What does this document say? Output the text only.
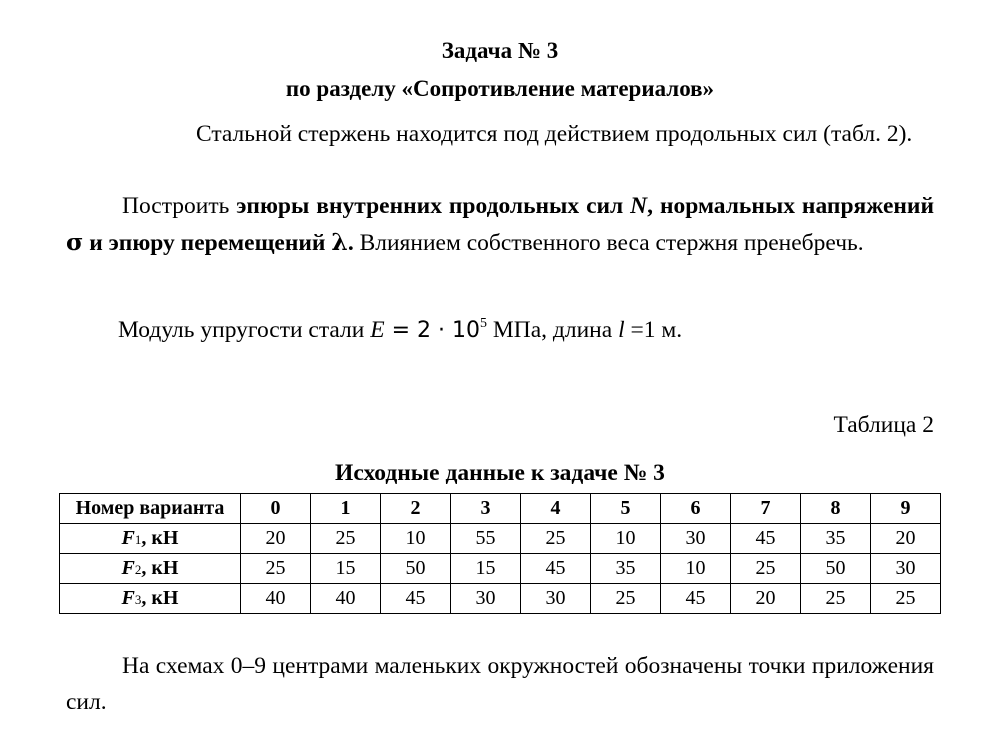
Задача № 3
по разделу «Сопротивление материалов»

Стальной стержень находится под действием продольных сил (табл. 2).

Построить эпюры внутренних продольных сил N, нормальных напряжений σ и эпюру перемещений λ. Влиянием собственного веса стержня пренебречь.

Модуль упругости стали $E = 2 \cdot 10^5$ МПа, длина l =1 м.

Таблица 2
Исходные данные к задаче № 3
Номер варианта	0	1	2	3	4	5	6	7	8	9
F1, кН	20	25	10	55	25	10	30	45	35	20
F2, кН	25	15	50	15	45	35	10	25	50	30
F3, кН	40	40	45	30	30	25	45	20	25	25

На схемах 0–9 центрами маленьких окружностей обозначены точки приложения сил.
